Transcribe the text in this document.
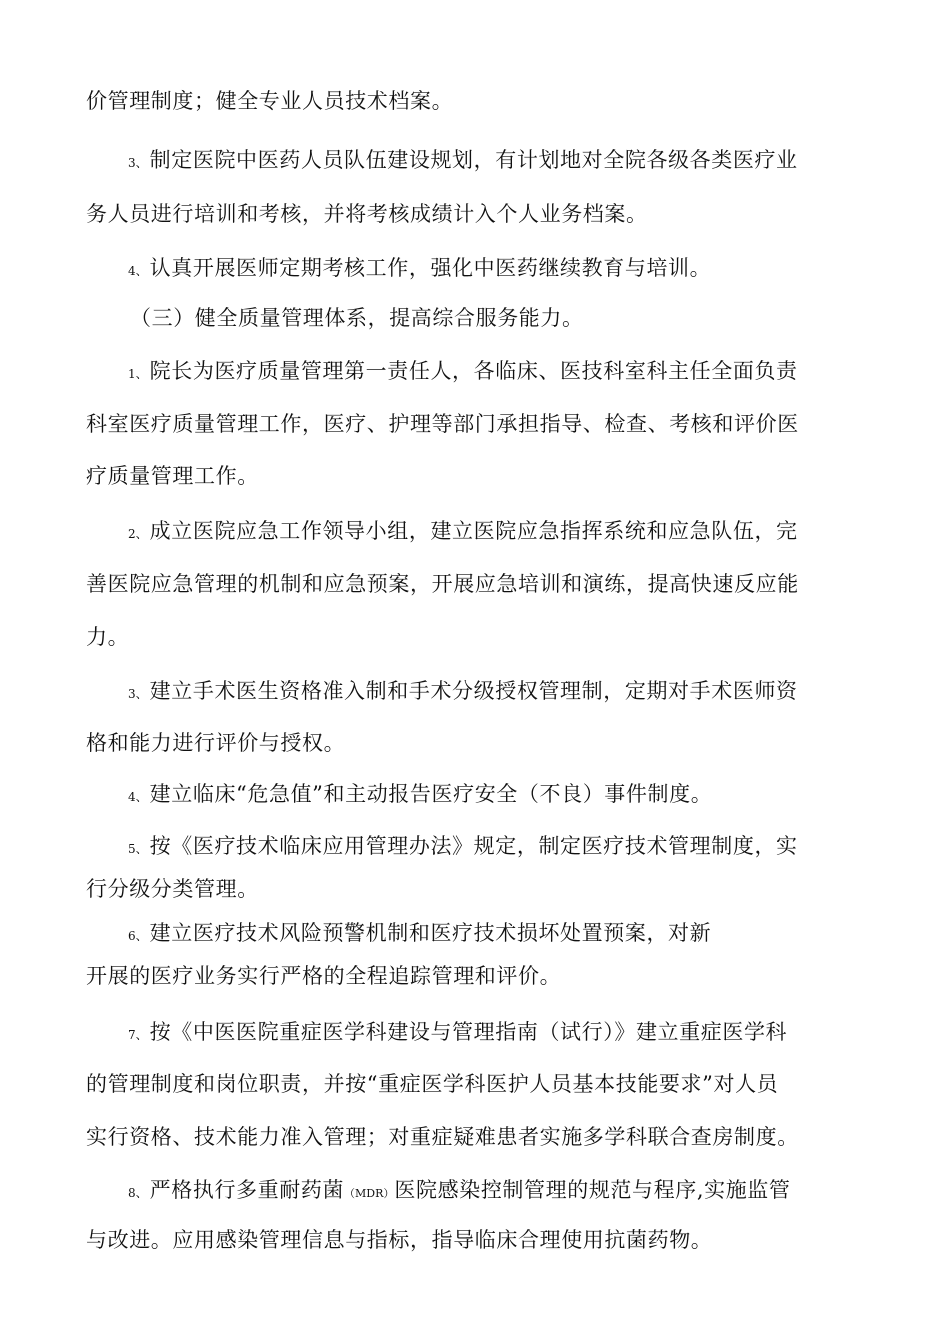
价管理制度；健全专业人员技术档案。
3、制定医院中医药人员队伍建设规划，有计划地对全院各级各类医疗业
务人员进行培训和考核，并将考核成绩计入个人业务档案。
4、认真开展医师定期考核工作，强化中医药继续教育与培训。
（三）健全质量管理体系，提高综合服务能力。
1、院长为医疗质量管理第一责任人，各临床、医技科室科主任全面负责
科室医疗质量管理工作，医疗、护理等部门承担指导、检查、考核和评价医
疗质量管理工作。
2、成立医院应急工作领导小组，建立医院应急指挥系统和应急队伍，完
善医院应急管理的机制和应急预案，开展应急培训和演练，提高快速反应能
力。
3、建立手术医生资格准入制和手术分级授权管理制，定期对手术医师资
格和能力进行评价与授权。
4、建立临床“危急值”和主动报告医疗安全（不良）事件制度。
5、按《医疗技术临床应用管理办法》规定，制定医疗技术管理制度，实
行分级分类管理。
6、建立医疗技术风险预警机制和医疗技术损坏处置预案，对新
开展的医疗业务实行严格的全程追踪管理和评价。
7、按《中医医院重症医学科建设与管理指南（试行）》建立重症医学科
的管理制度和岗位职责，并按“重症医学科医护人员基本技能要求”对人员
实行资格、技术能力准入管理；对重症疑难患者实施多学科联合查房制度。
8、严格执行多重耐药菌（MDR）医院感染控制管理的规范与程序,实施监管
与改进。应用感染管理信息与指标，指导临床合理使用抗菌药物。
